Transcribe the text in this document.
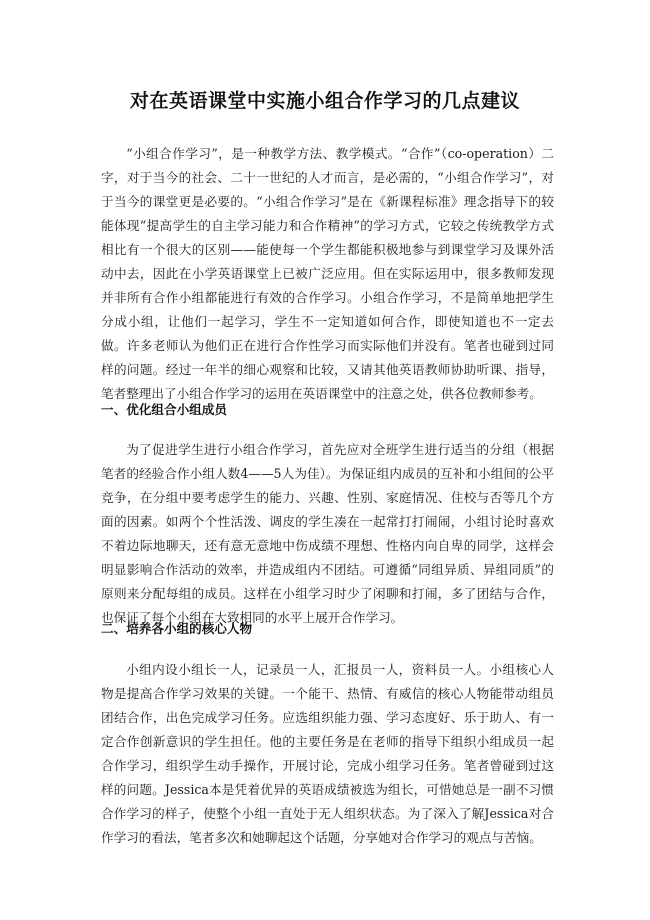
对在英语课堂中实施小组合作学习的几点建议

“小组合作学习”，是一种教学方法、教学模式。“合作”（co-operation）二字，对于当今的社会、二十一世纪的人才而言，是必需的，“小组合作学习”，对于当今的课堂更是必要的。“小组合作学习”是在《新课程标准》理念指导下的较能体现“提高学生的自主学习能力和合作精神”的学习方式，它较之传统教学方式相比有一个很大的区别——能使每一个学生都能积极地参与到课堂学习及课外活动中去，因此在小学英语课堂上已被广泛应用。但在实际运用中，很多教师发现并非所有合作小组都能进行有效的合作学习。小组合作学习，不是简单地把学生分成小组，让他们一起学习，学生不一定知道如何合作，即使知道也不一定去做。许多老师认为他们正在进行合作性学习而实际他们并没有。笔者也碰到过同样的问题。经过一年半的细心观察和比较，又请其他英语教师协助听课、指导，笔者整理出了小组合作学习的运用在英语课堂中的注意之处，供各位教师参考。

一、优化组合小组成员

为了促进学生进行小组合作学习，首先应对全班学生进行适当的分组（根据笔者的经验合作小组人数4——5人为佳）。为保证组内成员的互补和小组间的公平竞争，在分组中要考虑学生的能力、兴趣、性别、家庭情况、住校与否等几个方面的因素。如两个个性活泼、调皮的学生凑在一起常打打闹闹，小组讨论时喜欢不着边际地聊天，还有意无意地中伤成绩不理想、性格内向自卑的同学，这样会明显影响合作活动的效率，并造成组内不团结。可遵循“同组异质、异组同质”的原则来分配每组的成员。这样在小组学习时少了闲聊和打闹，多了团结与合作，也保证了每个小组在大致相同的水平上展开合作学习。

二、培养各小组的核心人物

小组内设小组长一人，记录员一人，汇报员一人，资料员一人。小组核心人物是提高合作学习效果的关键。一个能干、热情、有威信的核心人物能带动组员团结合作，出色完成学习任务。应选组织能力强、学习态度好、乐于助人、有一定合作创新意识的学生担任。他的主要任务是在老师的指导下组织小组成员一起合作学习，组织学生动手操作，开展讨论，完成小组学习任务。笔者曾碰到过这样的问题。Jessica本是凭着优异的英语成绩被选为组长，可惜她总是一副不习惯合作学习的样子，使整个小组一直处于无人组织状态。为了深入了解Jessica对合作学习的看法，笔者多次和她聊起这个话题，分享她对合作学习的观点与苦恼。
